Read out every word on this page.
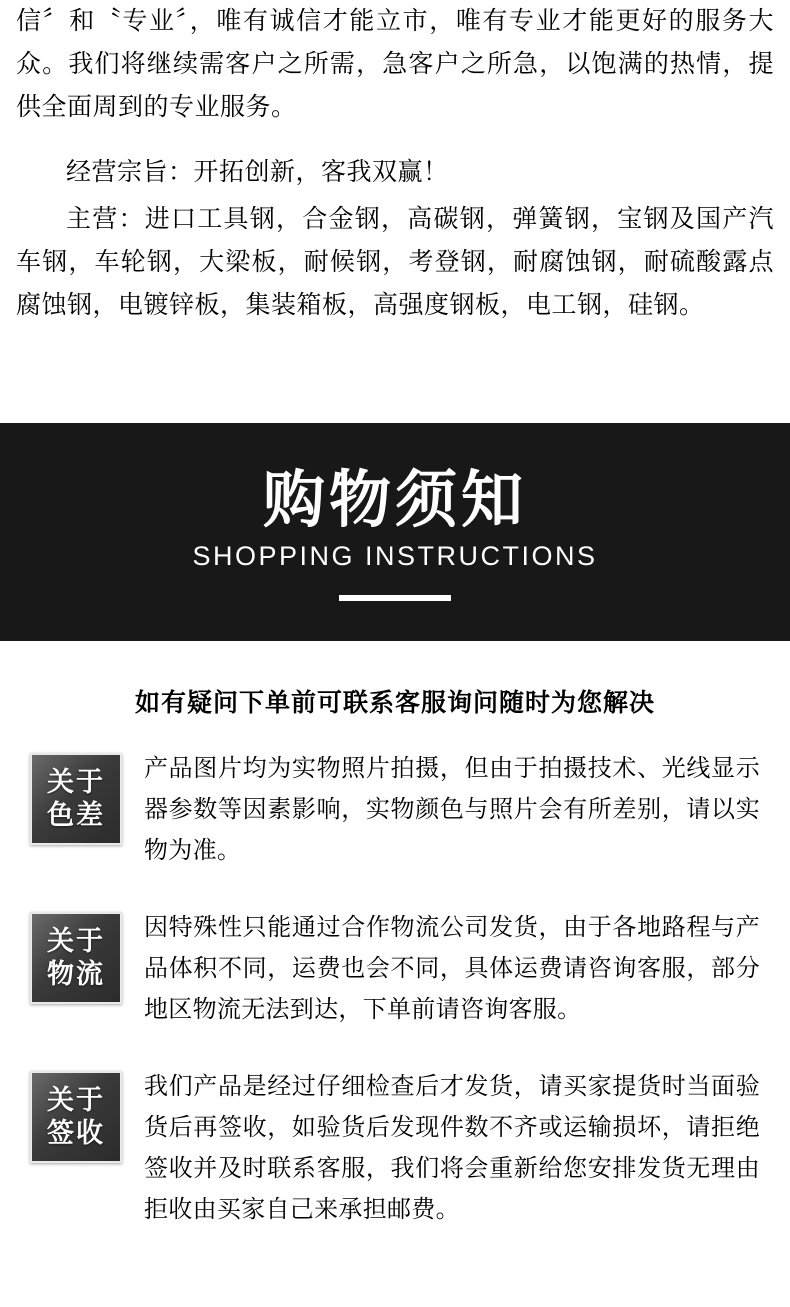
信〞和〝专业〞，唯有诚信才能立市，唯有专业才能更好的服务大众。我们将继续需客户之所需，急客户之所急，以饱满的热情，提供全面周到的专业服务。

经营宗旨：开拓创新，客我双赢！

主营：进口工具钢，合金钢，高碳钢，弹簧钢，宝钢及国产汽车钢，车轮钢，大梁板，耐候钢，考登钢，耐腐蚀钢，耐硫酸露点腐蚀钢，电镀锌板，集装箱板，高强度钢板，电工钢，硅钢。

购物须知

SHOPPING INSTRUCTIONS

如有疑问下单前可联系客服询问随时为您解决
关于
色差
产品图片均为实物照片拍摄，但由于拍摄技术、光线显示器参数等因素影响，实物颜色与照片会有所差别，请以实物为准。
关于
物流
因特殊性只能通过合作物流公司发货，由于各地路程与产品体积不同，运费也会不同，具体运费请咨询客服，部分地区物流无法到达，下单前请咨询客服。
关于
签收
我们产品是经过仔细检查后才发货，请买家提货时当面验货后再签收，如验货后发现件数不齐或运输损坏，请拒绝签收并及时联系客服，我们将会重新给您安排发货无理由拒收由买家自己来承担邮费。
